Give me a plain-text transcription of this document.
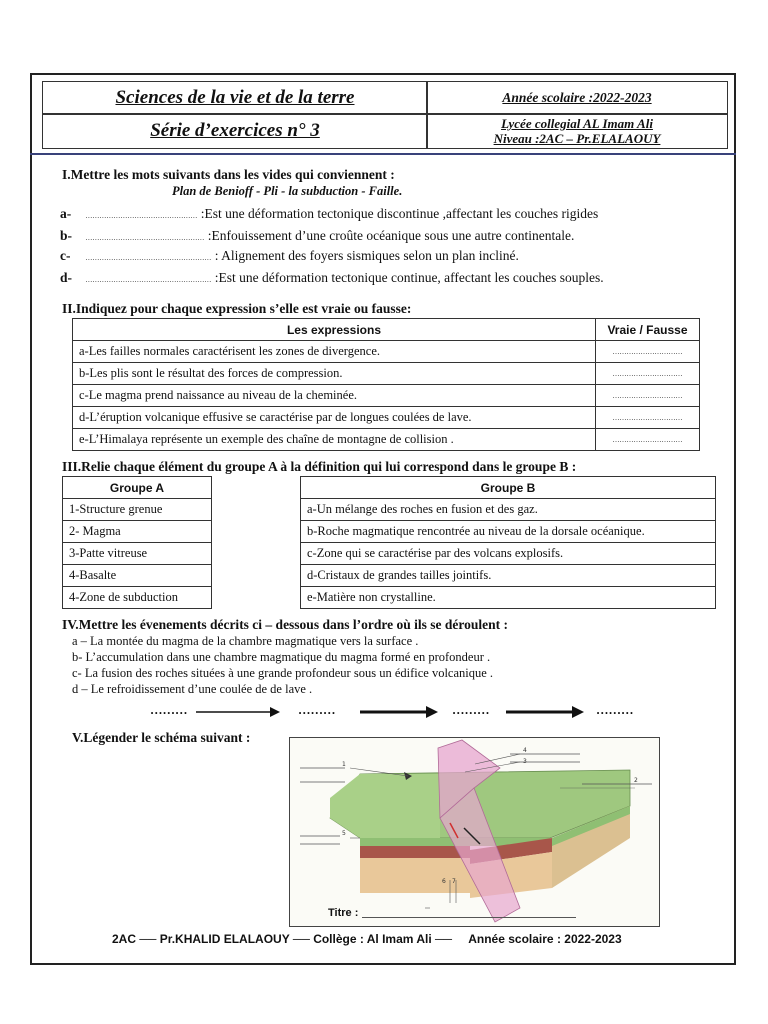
Sciences de la vie et de la terre	Année scolaire :2022-2023
Série d’exercices n° 3	Lycée collegial AL Imam Ali
Niveau :2AC – Pr.ELALAOUY
I.Mettre les mots suivants dans les vides qui conviennent :
Plan de Benioff - Pli - la subduction - Faille.
a- ………………………………………… :Est une déformation tectonique discontinue ,affectant les couches rigides
b- …………………………………………… :Enfouissement d’une croûte océanique sous une autre continentale.
c- ……………………………………………… : Alignement des foyers sismiques selon un plan incliné.
d- ……………………………………………… :Est une déformation tectonique continue, affectant les couches souples.
II.Indiquez pour chaque expression s’elle est vraie ou fausse:
Les expressions	Vraie / Fausse
a-Les failles normales caractérisent les zones de divergence.	…………………………
b-Les plis sont le résultat des forces de compression.	…………………………
c-Le magma prend naissance au niveau de la cheminée.	…………………………
d-L’éruption volcanique effusive se caractérise par de longues coulées de lave.	…………………………
e-L’Himalaya représente un exemple des chaîne de montagne de collision .	…………………………
III.Relie chaque élément du groupe A à la définition qui lui correspond dans le groupe B :
Groupe A
1-Structure grenue
2- Magma
3-Patte vitreuse
4-Basalte
4-Zone de subduction
Groupe B
a-Un mélange des roches en fusion et des gaz.
b-Roche magmatique rencontrée au niveau de la dorsale océanique.
c-Zone qui se caractérise par des volcans explosifs.
d-Cristaux de grandes tailles jointifs.
e-Matière non crystalline.
IV.Mettre les évenements décrits ci – dessous dans l’ordre où ils se déroulent :
a – La montée du magma de la chambre magmatique vers la surface .
b- L’accumulation dans une chambre magmatique du magma formé en profondeur .
c- La fusion des roches situées à une grande profondeur sous un édifice volcanique .
d – Le refroidissement d’une coulée de de lave .
………	………	………	………
V.Légender le schéma suivant :
1
2
3
4
5
6 7
Titre :
2AC ── Pr.KHALID ELALAOUY ── Collège : Al Imam Ali ──     Année scolaire : 2022-2023
